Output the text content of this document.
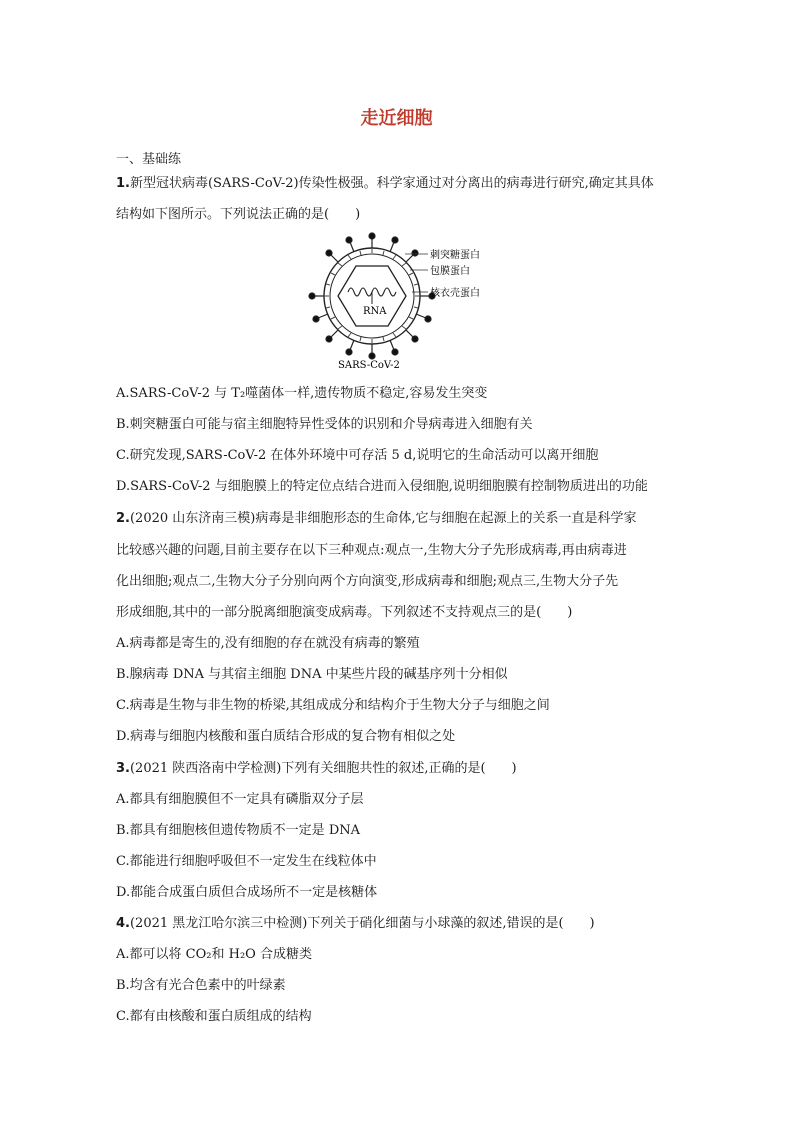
走近细胞
一、基础练
1.新型冠状病毒(SARS-CoV-2)传染性极强。科学家通过对分离出的病毒进行研究,确定其具体
结构如下图所示。下列说法正确的是(　　)
RNA
刺突糖蛋白
包膜蛋白
核衣壳蛋白
SARS-CoV-2
A.SARS-CoV-2 与 T₂噬菌体一样,遗传物质不稳定,容易发生突变
B.刺突糖蛋白可能与宿主细胞特异性受体的识别和介导病毒进入细胞有关
C.研究发现,SARS-CoV-2 在体外环境中可存活 5 d,说明它的生命活动可以离开细胞
D.SARS-CoV-2 与细胞膜上的特定位点结合进而入侵细胞,说明细胞膜有控制物质进出的功能
2.(2020 山东济南三模)病毒是非细胞形态的生命体,它与细胞在起源上的关系一直是科学家
比较感兴趣的问题,目前主要存在以下三种观点:观点一,生物大分子先形成病毒,再由病毒进
化出细胞;观点二,生物大分子分别向两个方向演变,形成病毒和细胞;观点三,生物大分子先
形成细胞,其中的一部分脱离细胞演变成病毒。下列叙述不支持观点三的是(　　)
A.病毒都是寄生的,没有细胞的存在就没有病毒的繁殖
B.腺病毒 DNA 与其宿主细胞 DNA 中某些片段的碱基序列十分相似
C.病毒是生物与非生物的桥梁,其组成成分和结构介于生物大分子与细胞之间
D.病毒与细胞内核酸和蛋白质结合形成的复合物有相似之处
3.(2021 陕西洛南中学检测)下列有关细胞共性的叙述,正确的是(　　)
A.都具有细胞膜但不一定具有磷脂双分子层
B.都具有细胞核但遗传物质不一定是 DNA
C.都能进行细胞呼吸但不一定发生在线粒体中
D.都能合成蛋白质但合成场所不一定是核糖体
4.(2021 黑龙江哈尔滨三中检测)下列关于硝化细菌与小球藻的叙述,错误的是(　　)
A.都可以将 CO₂和 H₂O 合成糖类
B.均含有光合色素中的叶绿素
C.都有由核酸和蛋白质组成的结构
